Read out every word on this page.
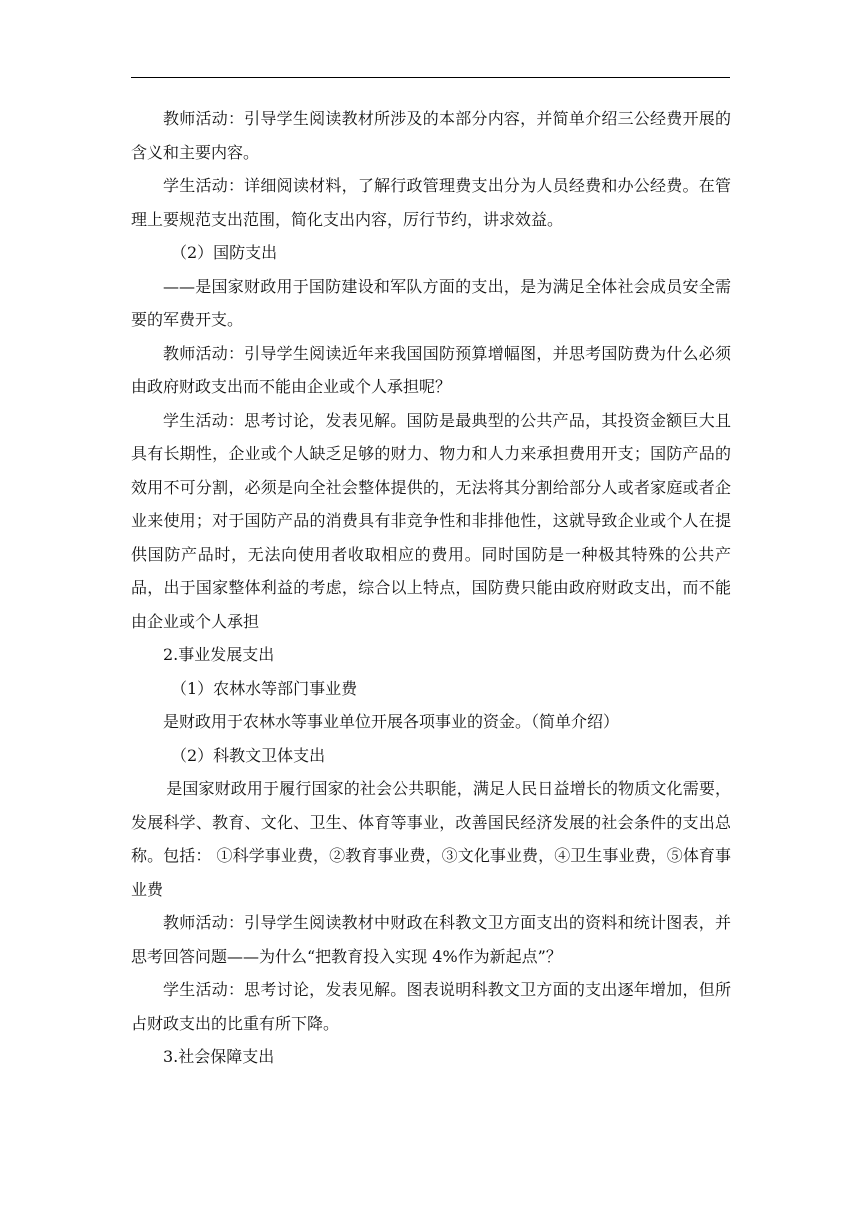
教师活动：引导学生阅读教材所涉及的本部分内容，并简单介绍三公经费开展的含义和主要内容。

学生活动：详细阅读材料，了解行政管理费支出分为人员经费和办公经费。在管理上要规范支出范围，简化支出内容，厉行节约，讲求效益。

（2）国防支出

——是国家财政用于国防建设和军队方面的支出，是为满足全体社会成员安全需要的军费开支。

教师活动：引导学生阅读近年来我国国防预算增幅图，并思考国防费为什么必须由政府财政支出而不能由企业或个人承担呢？

学生活动：思考讨论，发表见解。国防是最典型的公共产品，其投资金额巨大且具有长期性，企业或个人缺乏足够的财力、物力和人力来承担费用开支；国防产品的效用不可分割，必须是向全社会整体提供的，无法将其分割给部分人或者家庭或者企业来使用；对于国防产品的消费具有非竞争性和非排他性，这就导致企业或个人在提供国防产品时，无法向使用者收取相应的费用。同时国防是一种极其特殊的公共产品，出于国家整体利益的考虑，综合以上特点，国防费只能由政府财政支出，而不能由企业或个人承担

2.事业发展支出

（1）农林水等部门事业费

是财政用于农林水等事业单位开展各项事业的资金。（简单介绍）

（2）科教文卫体支出

是国家财政用于履行国家的社会公共职能，满足人民日益增长的物质文化需要，发展科学、教育、文化、卫生、体育等事业，改善国民经济发展的社会条件的支出总称。包括： ①科学事业费，②教育事业费，③文化事业费，④卫生事业费，⑤体育事业费

教师活动：引导学生阅读教材中财政在科教文卫方面支出的资料和统计图表，并思考回答问题——为什么“把教育投入实现 4%作为新起点”？

学生活动：思考讨论，发表见解。图表说明科教文卫方面的支出逐年增加，但所占财政支出的比重有所下降。

3.社会保障支出
